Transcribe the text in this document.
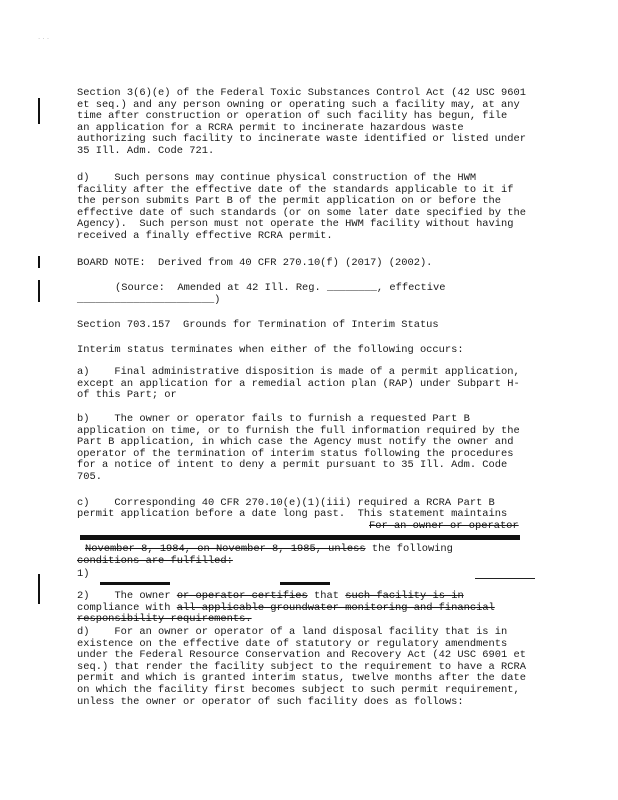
· · ·

Section 3(6)(e) of the Federal Toxic Substances Control Act (42 USC 9601
et seq.) and any person owning or operating such a facility may, at any
time after construction or operation of such facility has begun, file
an application for a RCRA permit to incinerate hazardous waste
authorizing such facility to incinerate waste identified or listed under
35 Ill. Adm. Code 721.

d)    Such persons may continue physical construction of the HWM
facility after the effective date of the standards applicable to it if
the person submits Part B of the permit application on or before the
effective date of such standards (or on some later date specified by the
Agency).  Such person must not operate the HWM facility without having
received a finally effective RCRA permit.

BOARD NOTE:  Derived from 40 CFR 270.10(f) (2017) (2002).

(Source:  Amended at 42 Ill. Reg. ________, effective

______________________)

Section 703.157  Grounds for Termination of Interim Status

Interim status terminates when either of the following occurs:

a)    Final administrative disposition is made of a permit application,
except an application for a remedial action plan (RAP) under Subpart H-
of this Part; or

b)    The owner or operator fails to furnish a requested Part B
application on time, or to furnish the full information required by the
Part B application, in which case the Agency must notify the owner and
operator of the termination of interim status following the procedures
for a notice of intent to deny a permit pursuant to 35 Ill. Adm. Code
705.

c)    Corresponding 40 CFR 270.10(e)(1)(iii) required a RCRA Part B

permit application before a date long past.  This statement maintains

For an owner or operator

November 8, 1984, on November 8, 1985, unless the following

conditions are fulfilled:

1)

2) The owner or operator certifies that such facility is in

compliance with all applicable groundwater monitoring and financial

responsibility requirements.

d)    For an owner or operator of a land disposal facility that is in
existence on the effective date of statutory or regulatory amendments
under the Federal Resource Conservation and Recovery Act (42 USC 6901 et
seq.) that render the facility subject to the requirement to have a RCRA
permit and which is granted interim status, twelve months after the date
on which the facility first becomes subject to such permit requirement,
unless the owner or operator of such facility does as follows:
